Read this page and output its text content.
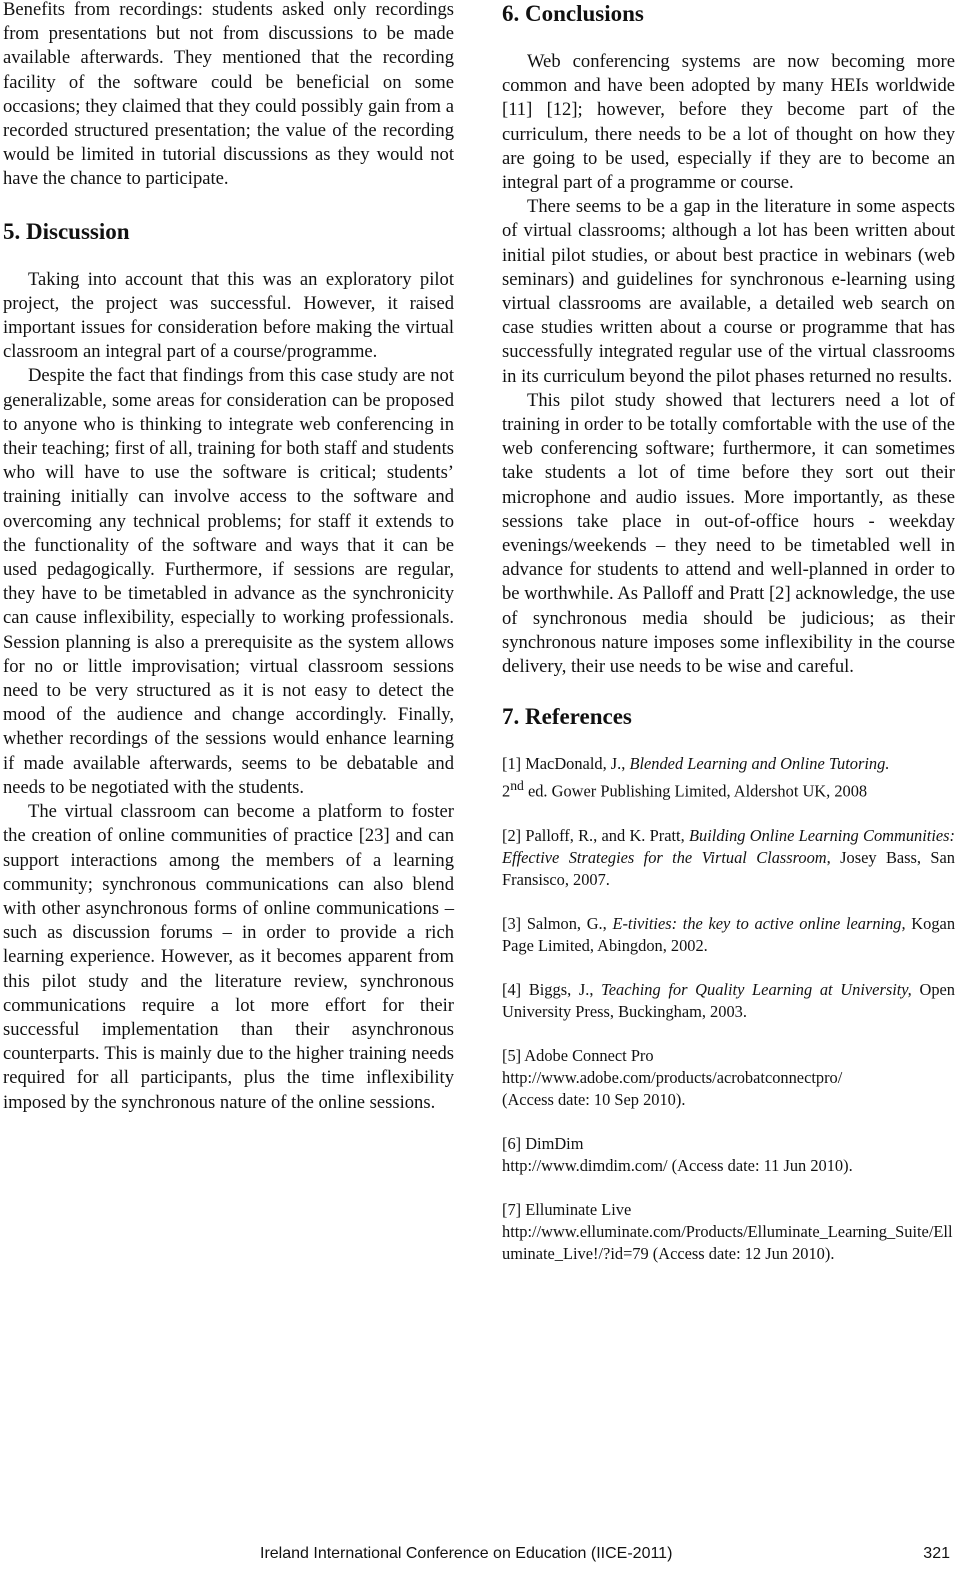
Benefits from recordings: students asked only recordings from presentations but not from discussions to be made available afterwards. They mentioned that the recording facility of the software could be beneficial on some occasions; they claimed that they could possibly gain from a recorded structured presentation; the value of the recording would be limited in tutorial discussions as they would not have the chance to participate.

5. Discussion

Taking into account that this was an exploratory pilot project, the project was successful. However, it raised important issues for consideration before making the virtual classroom an integral part of a course/programme.

Despite the fact that findings from this case study are not generalizable, some areas for consideration can be proposed to anyone who is thinking to integrate web conferencing in their teaching; first of all, training for both staff and students who will have to use the software is critical; students’ training initially can involve access to the software and overcoming any technical problems; for staff it extends to the functionality of the software and ways that it can be used pedagogically. Furthermore, if sessions are regular, they have to be timetabled in advance as the synchronicity can cause inflexibility, especially to working professionals. Session planning is also a prerequisite as the system allows for no or little improvisation; virtual classroom sessions need to be very structured as it is not easy to detect the mood of the audience and change accordingly. Finally, whether recordings of the sessions would enhance learning if made available afterwards, seems to be debatable and needs to be negotiated with the students.

The virtual classroom can become a platform to foster the creation of online communities of practice [23] and can support interactions among the members of a learning community; synchronous communications can also blend with other asynchronous forms of online communications – such as discussion forums – in order to provide a rich learning experience. However, as it becomes apparent from this pilot study and the literature review, synchronous communications require a lot more effort for their successful implementation than their asynchronous counterparts. This is mainly due to the higher training needs required for all participants, plus the time inflexibility imposed by the synchronous nature of the online sessions.

6. Conclusions

Web conferencing systems are now becoming more common and have been adopted by many HEIs worldwide [11] [12]; however, before they become part of the curriculum, there needs to be a lot of thought on how they are going to be used, especially if they are to become an integral part of a programme or course.

There seems to be a gap in the literature in some aspects of virtual classrooms; although a lot has been written about initial pilot studies, or about best practice in webinars (web seminars) and guidelines for synchronous e-learning using virtual classrooms are available, a detailed web search on case studies written about a course or programme that has successfully integrated regular use of the virtual classrooms in its curriculum beyond the pilot phases returned no results.

This pilot study showed that lecturers need a lot of training in order to be totally comfortable with the use of the web conferencing software; furthermore, it can sometimes take students a lot of time before they sort out their microphone and audio issues. More importantly, as these sessions take place in out-of-office hours - weekday evenings/weekends – they need to be timetabled well in advance for students to attend and well-planned in order to be worthwhile. As Palloff and Pratt [2] acknowledge, the use of synchronous media should be judicious; as their synchronous nature imposes some inflexibility in the course delivery, their use needs to be wise and careful.

7. References
[1] MacDonald, J., Blended Learning and Online Tutoring.
2nd ed. Gower Publishing Limited, Aldershot UK, 2008
[2] Palloff, R., and K. Pratt, Building Online Learning Communities: Effective Strategies for the Virtual Classroom, Josey Bass, San Fransisco, 2007.
[3] Salmon, G., E-tivities: the key to active online learning, Kogan Page Limited, Abingdon, 2002.
[4] Biggs, J., Teaching for Quality Learning at University, Open University Press, Buckingham, 2003.
[5] Adobe Connect Pro
http://www.adobe.com/products/acrobatconnectpro/
(Access date: 10 Sep 2010).
[6] DimDim
http://www.dimdim.com/ (Access date: 11 Jun 2010).
[7] Elluminate Live
http://www.elluminate.com/Products/Elluminate_Learning_Suite/Elluminate_Live!/?id=79 (Access date: 12 Jun 2010).
Ireland International Conference on Education (IICE-2011)	321
